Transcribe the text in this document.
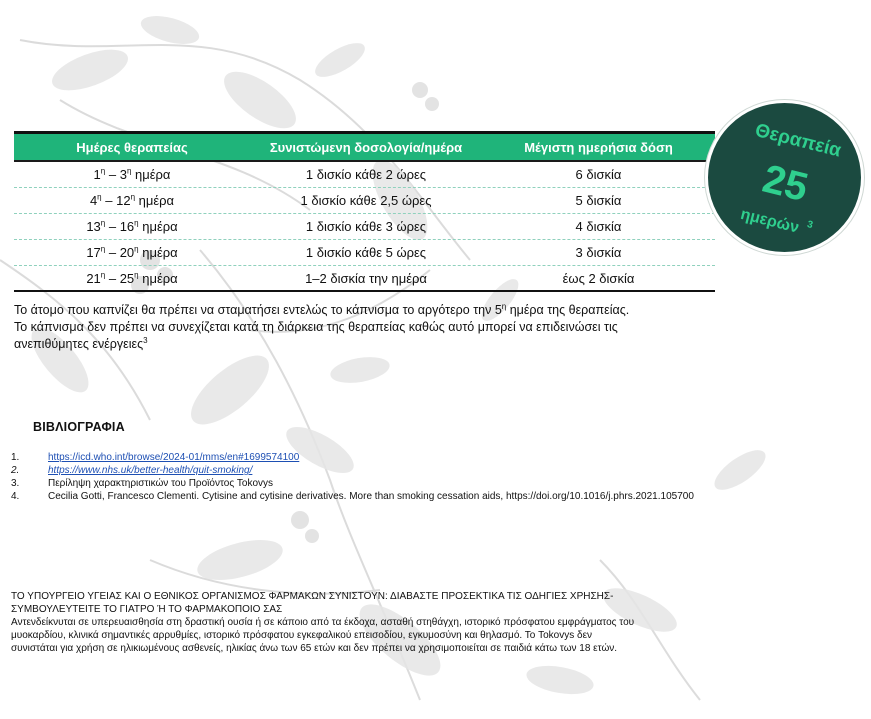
Ημέρες θεραπείας	Συνιστώμενη δοσολογία/ημέρα	Μέγιστη ημερήσια δόση
$1^\eta - 3^\eta$ ημέρα	1 δισκίο κάθε 2 ώρες	6 δισκία
$4^\eta - 12^\eta$ ημέρα	1 δισκίο κάθε 2,5 ώρες	5 δισκία
$13^\eta - 16^\eta$ ημέρα	1 δισκίο κάθε 3 ώρες	4 δισκία
$17^\eta - 20^\eta$ ημέρα	1 δισκίο κάθε 5 ώρες	3 δισκία
$21^\eta - 25^\eta$ ημέρα	1–2 δισκία την ημέρα	έως 2 δισκία
Θεραπεία
25
ημερών 3
Το άτομο που καπνίζει θα πρέπει να σταματήσει εντελώς το κάπνισμα το αργότερο την $5^\eta$ ημέρα της θεραπείας.
Το κάπνισμα δεν πρέπει να συνεχίζεται κατά τη διάρκεια της θεραπείας καθώς αυτό μπορεί να επιδεινώσει τις
ανεπιθύμητες ενέργειες$^3$
ΒΙΒΛΙΟΓΡΑΦΙΑ
1.	https://icd.who.int/browse/2024-01/mms/en#1699574100
2.	https://www.nhs.uk/better-health/quit-smoking/
3.	Περίληψη χαρακτηριστικών του Προϊόντος Tokovys
4.	Cecilia Gotti, Francesco Clementi. Cytisine and cytisine derivatives. More than smoking cessation aids, https://doi.org/10.1016/j.phrs.2021.105700
ΤΟ ΥΠΟΥΡΓΕΙΟ ΥΓΕΙΑΣ ΚΑΙ Ο ΕΘΝΙΚΟΣ ΟΡΓΑΝΙΣΜΟΣ ΦΑΡΜΑΚΩΝ ΣΥΝΙΣΤΟΥΝ: ΔΙΑΒΑΣΤΕ ΠΡΟΣΕΚΤΙΚΑ ΤΙΣ ΟΔΗΓΙΕΣ ΧΡΗΣΗΣ-
ΣΥΜΒΟΥΛΕΥΤΕΙΤΕ ΤΟ ΓΙΑΤΡΟ Ή ΤΟ ΦΑΡΜΑΚΟΠΟΙΟ ΣΑΣ
Αντενδείκνυται σε υπερευαισθησία στη δραστική ουσία ή σε κάποιο από τα έκδοχα, ασταθή στηθάγχη, ιστορικό πρόσφατου εμφράγματος του
μυοκαρδίου, κλινικά σημαντικές αρρυθμίες, ιστορικό πρόσφατου εγκεφαλικού επεισοδίου, εγκυμοσύνη και θηλασμό. Το Tokovys δεν
συνιστάται για χρήση σε ηλικιωμένους ασθενείς, ηλικίας άνω των 65 ετών και δεν πρέπει να χρησιμοποιείται σε παιδιά κάτω των 18 ετών.
